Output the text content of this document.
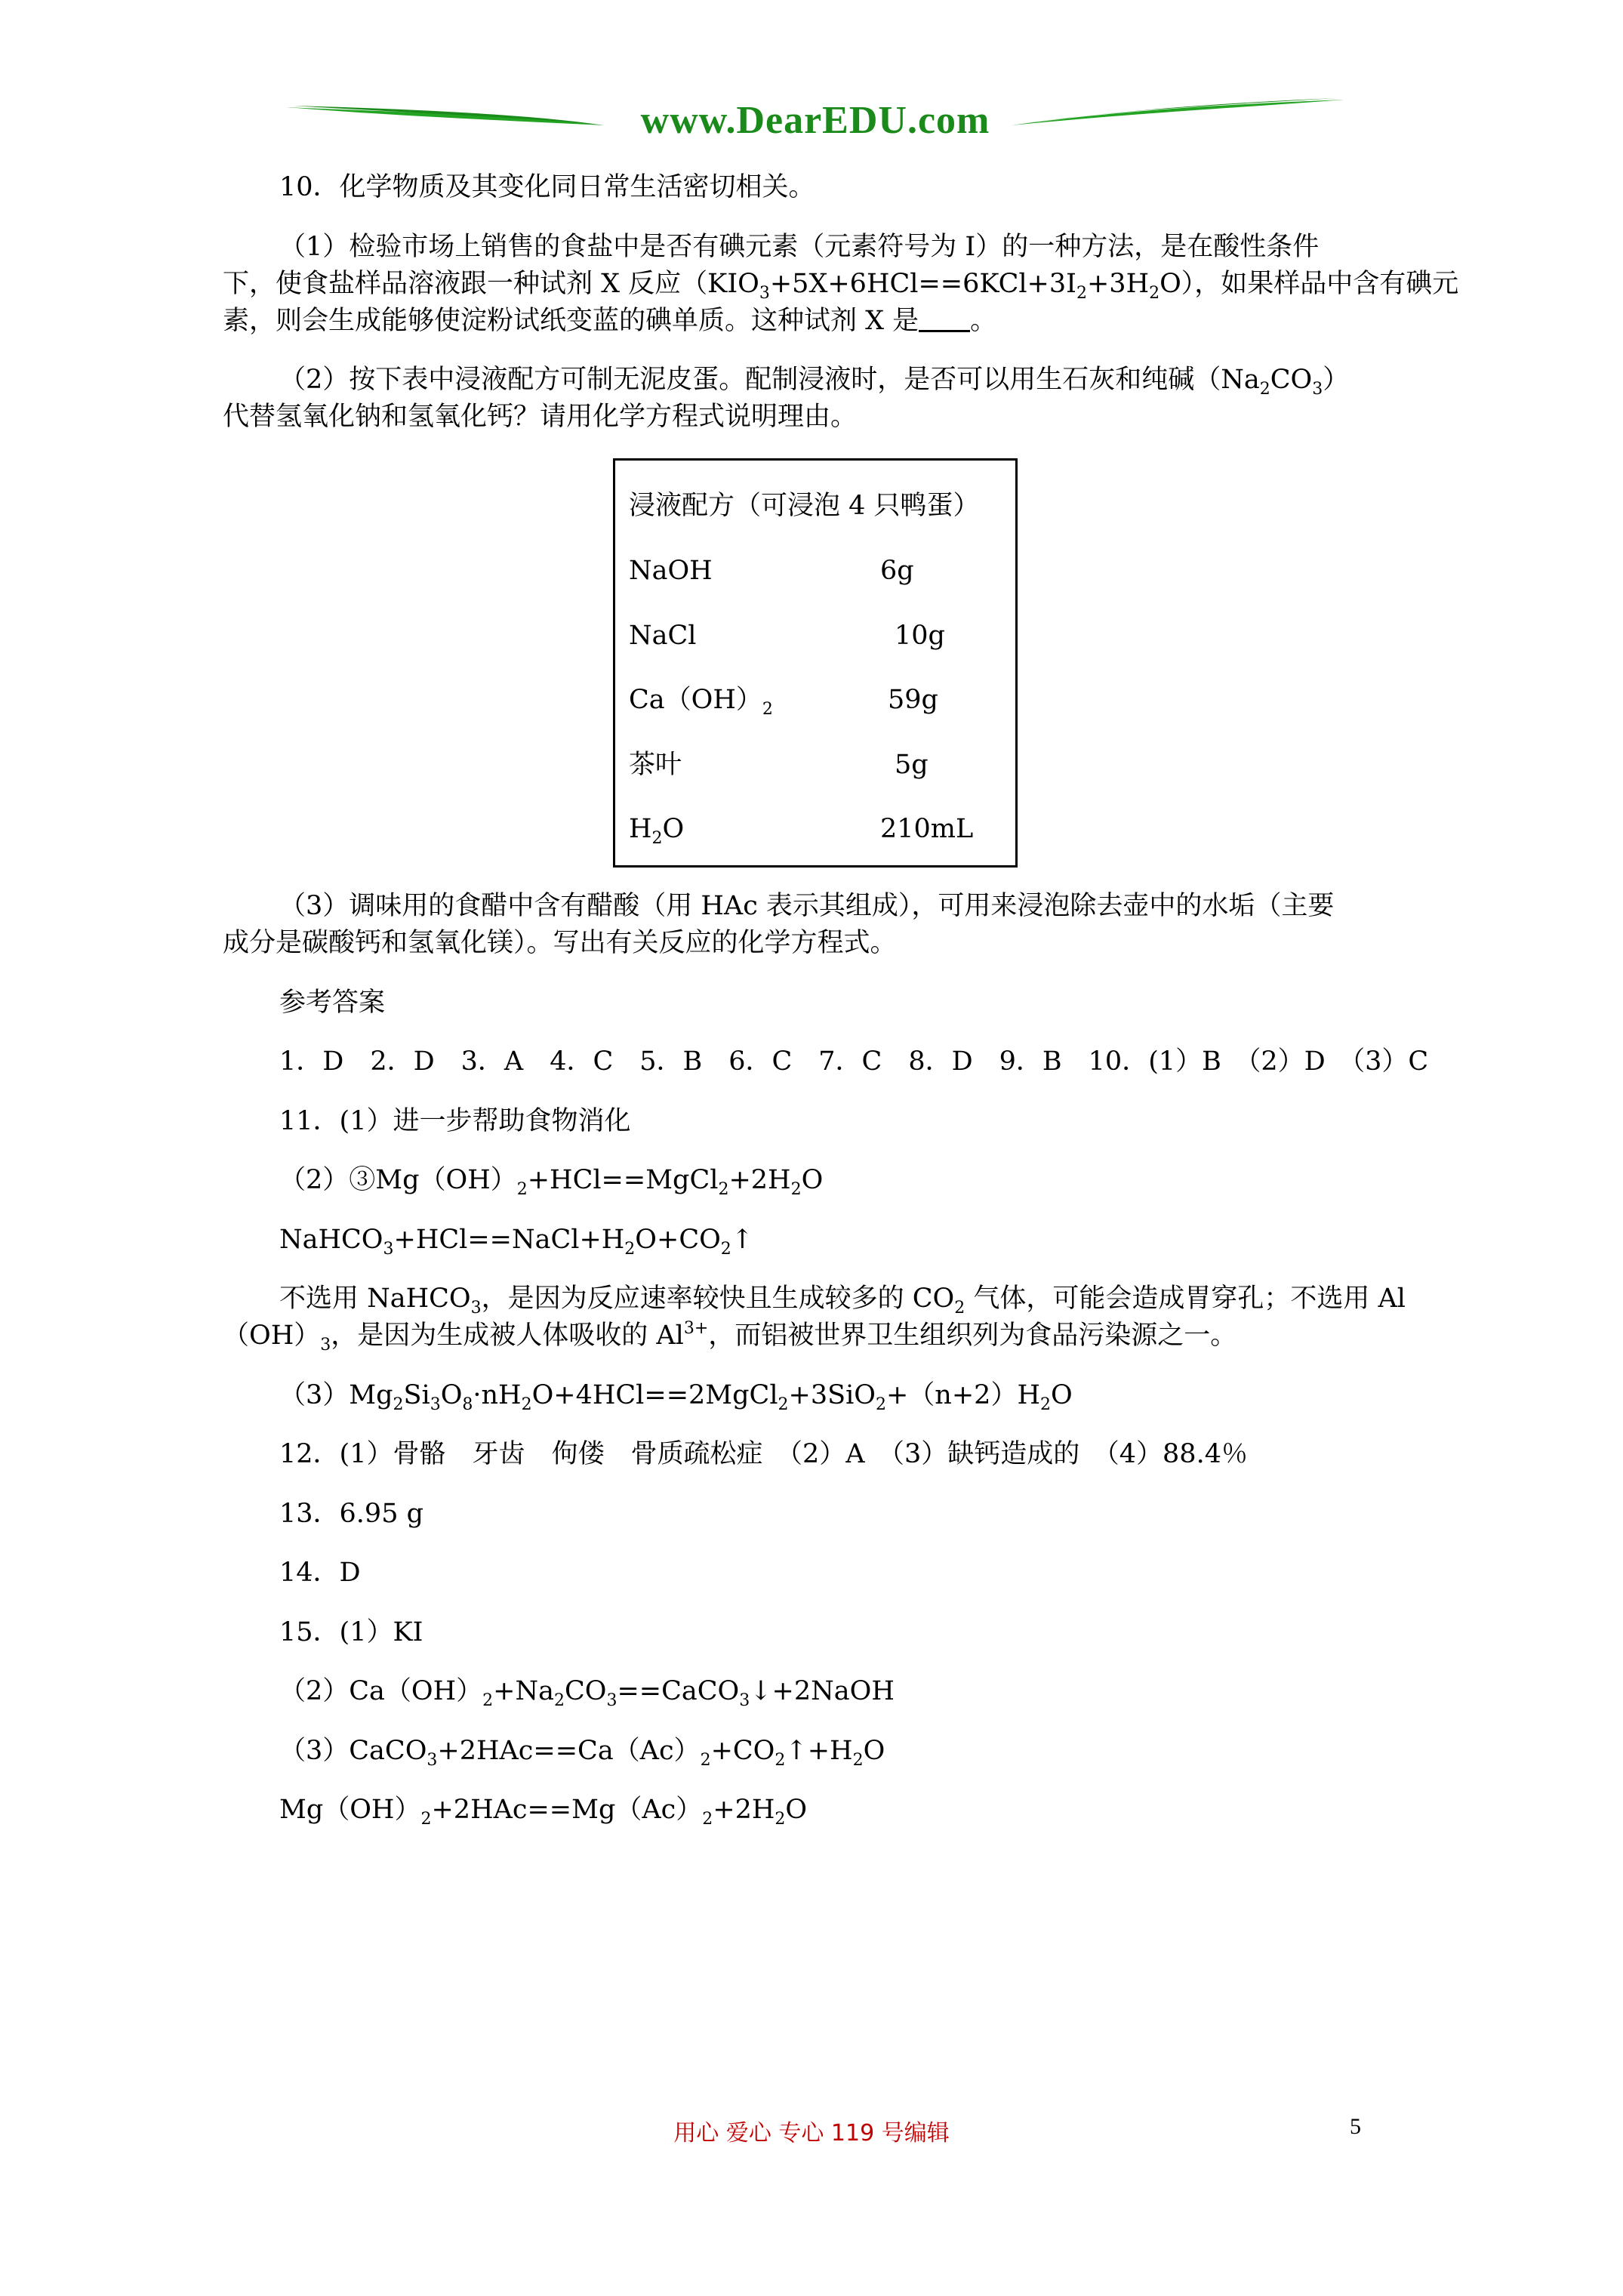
www.DearEDU.com
10．化学物质及其变化同日常生活密切相关。
（1）检验市场上销售的食盐中是否有碘元素（元素符号为 I）的一种方法，是在酸性条件
下，使食盐样品溶液跟一种试剂 X 反应$(KIO_3+5X+6HCl==6KCl+3I_2+3H_2O)$，如果样品中含有碘元
素，则会生成能够使淀粉试纸变蓝的碘单质。这种试剂 X 是 。
（2）按下表中浸液配方可制无泥皮蛋。配制浸液时，是否可以用生石灰和纯碱$(Na_2CO_3)$
代替氢氧化钠和氢氧化钙？请用化学方程式说明理由。
浸液配方（可浸泡 4 只鸭蛋）
NaOH	6g
NaCl	10g
$Ca(OH)_2$	59g
茶叶	5g
$H_2O$	210mL
（3）调味用的食醋中含有醋酸（用 HAc 表示其组成），可用来浸泡除去壶中的水垢（主要
成分是碳酸钙和氢氧化镁）。写出有关反应的化学方程式。
参考答案
1．D　2．D　3．A　4．C　5．B　6．C　7．C　8．D　9．B　10．(1）B　（2）D　（3）C
11．(1）进一步帮助食物消化
$(2)③Mg(OH)_2+HCl==MgCl_2+2H_2O$
$NaHCO_3+HCl==NaCl+H_2O+CO_2↑$
不选用 NaHCO$_3$，是因为反应速率较快且生成较多的 $CO_2$ 气体，可能会造成胃穿孔；不选用 Al
$(OH)_3$，是因为生成被人体吸收的 $Al^{3+}$，而铝被世界卫生组织列为食品污染源之一。
$(3)Mg_2Si_3O_8\cdot nH_2O+4HCl==2MgCl_2+3SiO_2+(n+2)H_2O$
12．(1）骨骼　牙齿　佝偻　骨质疏松症　（2）A　（3）缺钙造成的　（4）88.4％
13．6.95 g
14．D
15．(1）KI
$(2)Ca(OH)_2+Na_2CO_3==CaCO_3↓+2NaOH$
$(3)CaCO_3+2HAc==Ca(Ac)_2+CO_2↑+H_2O$
$Mg(OH)_2+2HAc==Mg(Ac)_2+2H_2O$
用心 爱心 专心 119 号编辑	5
